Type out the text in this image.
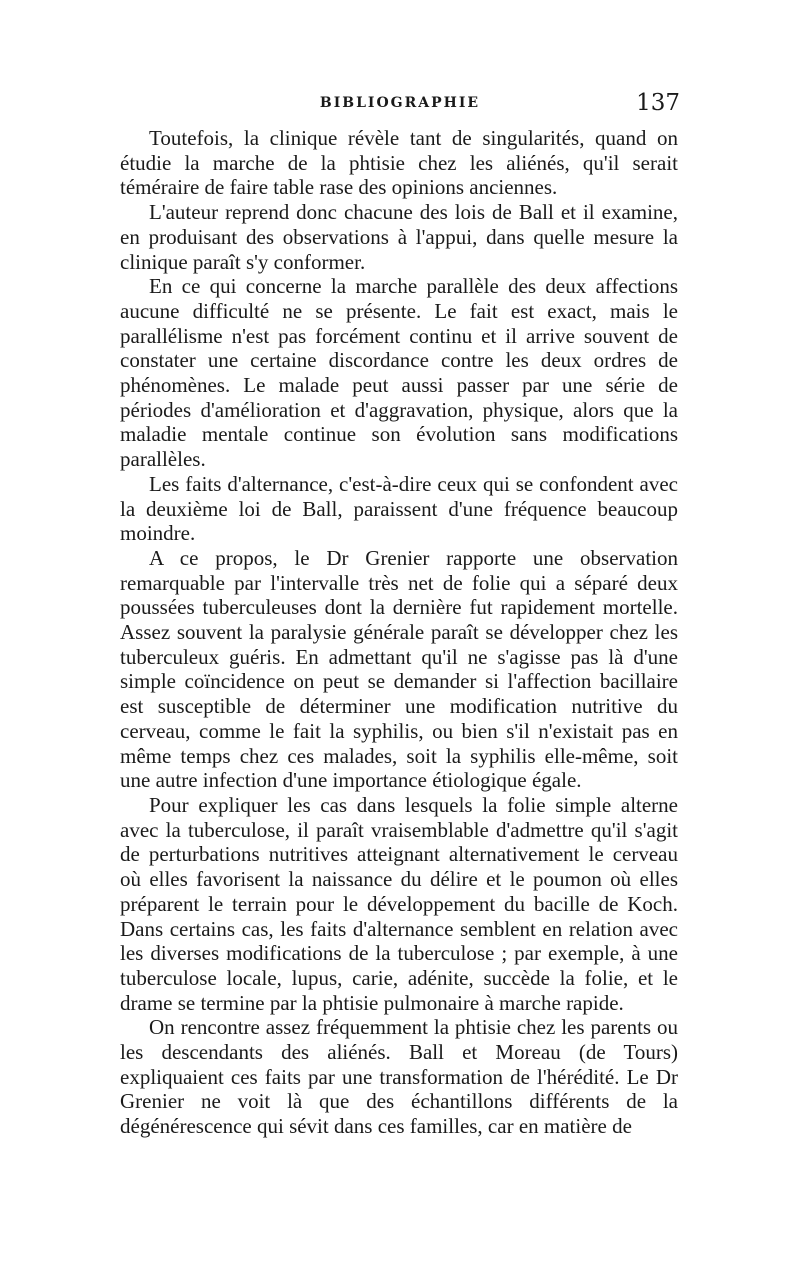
BIBLIOGRAPHIE	137

Toutefois, la clinique révèle tant de singularités, quand on étudie la marche de la phtisie chez les aliénés, qu'il serait téméraire de faire table rase des opinions anciennes.

L'auteur reprend donc chacune des lois de Ball et il examine, en produisant des observations à l'appui, dans quelle mesure la clinique paraît s'y conformer.

En ce qui concerne la marche parallèle des deux affections aucune difficulté ne se présente. Le fait est exact, mais le parallélisme n'est pas forcément continu et il arrive souvent de constater une certaine discordance contre les deux ordres de phénomènes. Le malade peut aussi passer par une série de périodes d'amélioration et d'aggravation, physique, alors que la maladie mentale continue son évolution sans modifications parallèles.

Les faits d'alternance, c'est-à-dire ceux qui se confondent avec la deuxième loi de Ball, paraissent d'une fréquence beaucoup moindre.

A ce propos, le Dr Grenier rapporte une observation remarquable par l'intervalle très net de folie qui a séparé deux poussées tuberculeuses dont la dernière fut rapidement mortelle. Assez souvent la paralysie générale paraît se développer chez les tuberculeux guéris. En admettant qu'il ne s'agisse pas là d'une simple coïncidence on peut se demander si l'affection bacillaire est susceptible de déterminer une modification nutritive du cerveau, comme le fait la syphilis, ou bien s'il n'existait pas en même temps chez ces malades, soit la syphilis elle-même, soit une autre infection d'une importance étiologique égale.

Pour expliquer les cas dans lesquels la folie simple alterne avec la tuberculose, il paraît vraisemblable d'admettre qu'il s'agit de perturbations nutritives atteignant alternativement le cerveau où elles favorisent la naissance du délire et le poumon où elles préparent le terrain pour le développement du bacille de Koch. Dans certains cas, les faits d'alternance semblent en relation avec les diverses modifications de la tuberculose ; par exemple, à une tuberculose locale, lupus, carie, adénite, succède la folie, et le drame se termine par la phtisie pulmonaire à marche rapide.

On rencontre assez fréquemment la phtisie chez les parents ou les descendants des aliénés. Ball et Moreau (de Tours) expliquaient ces faits par une transformation de l'hérédité. Le Dr Grenier ne voit là que des échantillons différents de la dégénérescence qui sévit dans ces familles, car en matière de
